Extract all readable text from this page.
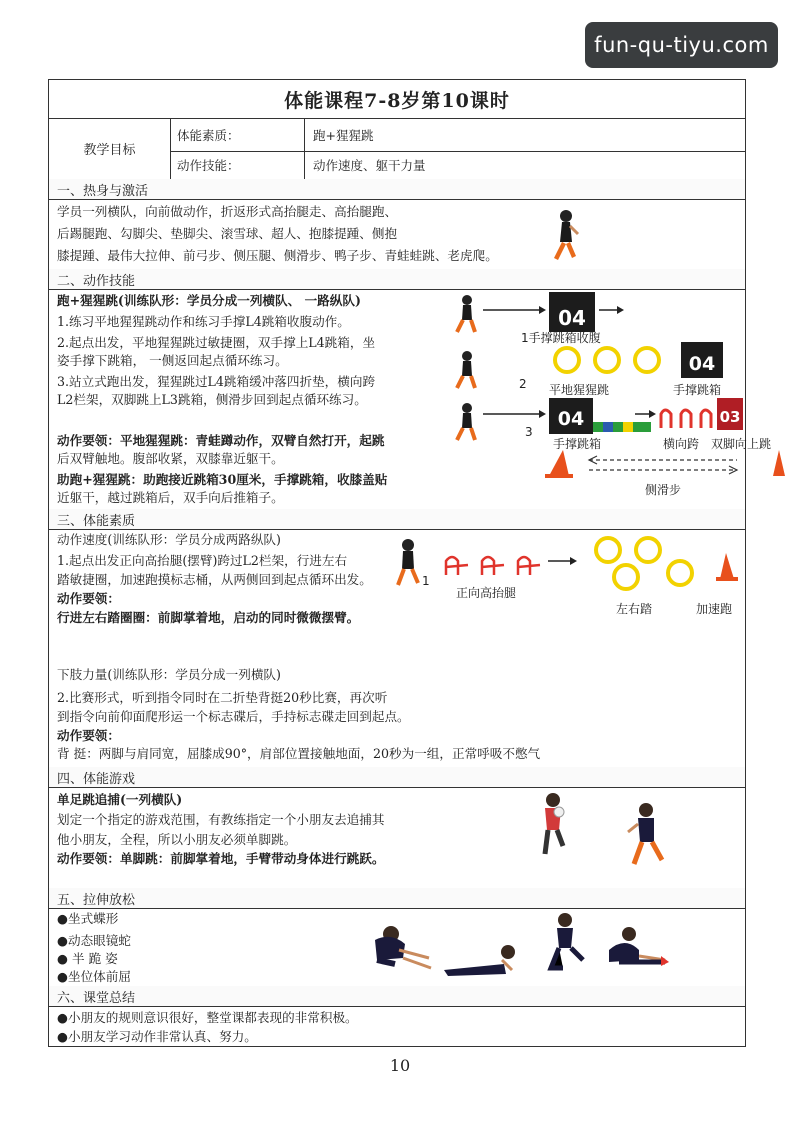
fun-qu-tiyu.com
体能课程7-8岁第10课时
教学目标
体能素质：	跑+猩猩跳
动作技能：	动作速度、躯干力量
一、热身与激活
学员一列横队，向前做动作，折返形式高抬腿走、高抬腿跑、
后踢腿跑、勾脚尖、垫脚尖、滚雪球、超人、抱膝提踵、侧抱
膝提踵、最伟大拉伸、前弓步、侧压腿、侧滑步、鸭子步、青蛙蛙跳、老虎爬。
二、动作技能
跑+猩猩跳(训练队形：学员分成一列横队、 一路纵队)
1.练习平地猩猩跳动作和练习手撑L4跳箱收腹动作。
2.起点出发，平地猩猩跳过敏捷圈，双手撑上L4跳箱，坐
姿手撑下跳箱， 一侧返回起点循环练习。
3.站立式跑出发，猩猩跳过L4跳箱缓冲落四折垫，横向跨
L2栏架，双脚跳上L3跳箱，侧滑步回到起点循环练习。
动作要领：平地猩猩跳：青蛙蹲动作，双臂自然打开，起跳
后双臂触地。腹部收紧，双膝靠近躯干。
助跑+猩猩跳：助跑接近跳箱30厘米，手撑跳箱，收膝盖贴
近躯干，越过跳箱后，双手向后推箱子。
04
1手撑跳箱收腹
2
04
平地猩猩跳	手撑跳箱
3
04	03
手撑跳箱	横向跨 双脚向上跳
侧滑步
三、体能素质
动作速度(训练队形：学员分成两路纵队)
1.起点出发正向高抬腿(摆臂)跨过L2栏架，行进左右
踏敏捷圈，加速跑摸标志桶，从两侧回到起点循环出发。
动作要领：
行进左右踏圈圈：前脚掌着地，启动的同时微微摆臂。
下肢力量(训练队形：学员分成一列横队)
2.比赛形式，听到指令同时在二折垫背挺20秒比赛，再次听
到指令向前仰面爬形运一个标志碟后，手持标志碟走回到起点。
动作要领：
背 挺：两脚与肩同宽，屈膝成90°，肩部位置接触地面，20秒为一组，正常呼吸不憋气
1
正向高抬腿
左右踏	加速跑
四、体能游戏
单足跳追捕(一列横队)
划定一个指定的游戏范围，有教练指定一个小朋友去追捕其
他小朋友，全程，所以小朋友必须单脚跳。
动作要领：单脚跳：前脚掌着地，手臂带动身体进行跳跃。
五、拉伸放松
●坐式蝶形
●动态眼镜蛇
● 半 跪 姿
●坐位体前屈
六、课堂总结
●小朋友的规则意识很好，整堂课都表现的非常积极。
●小朋友学习动作非常认真、努力。
10
